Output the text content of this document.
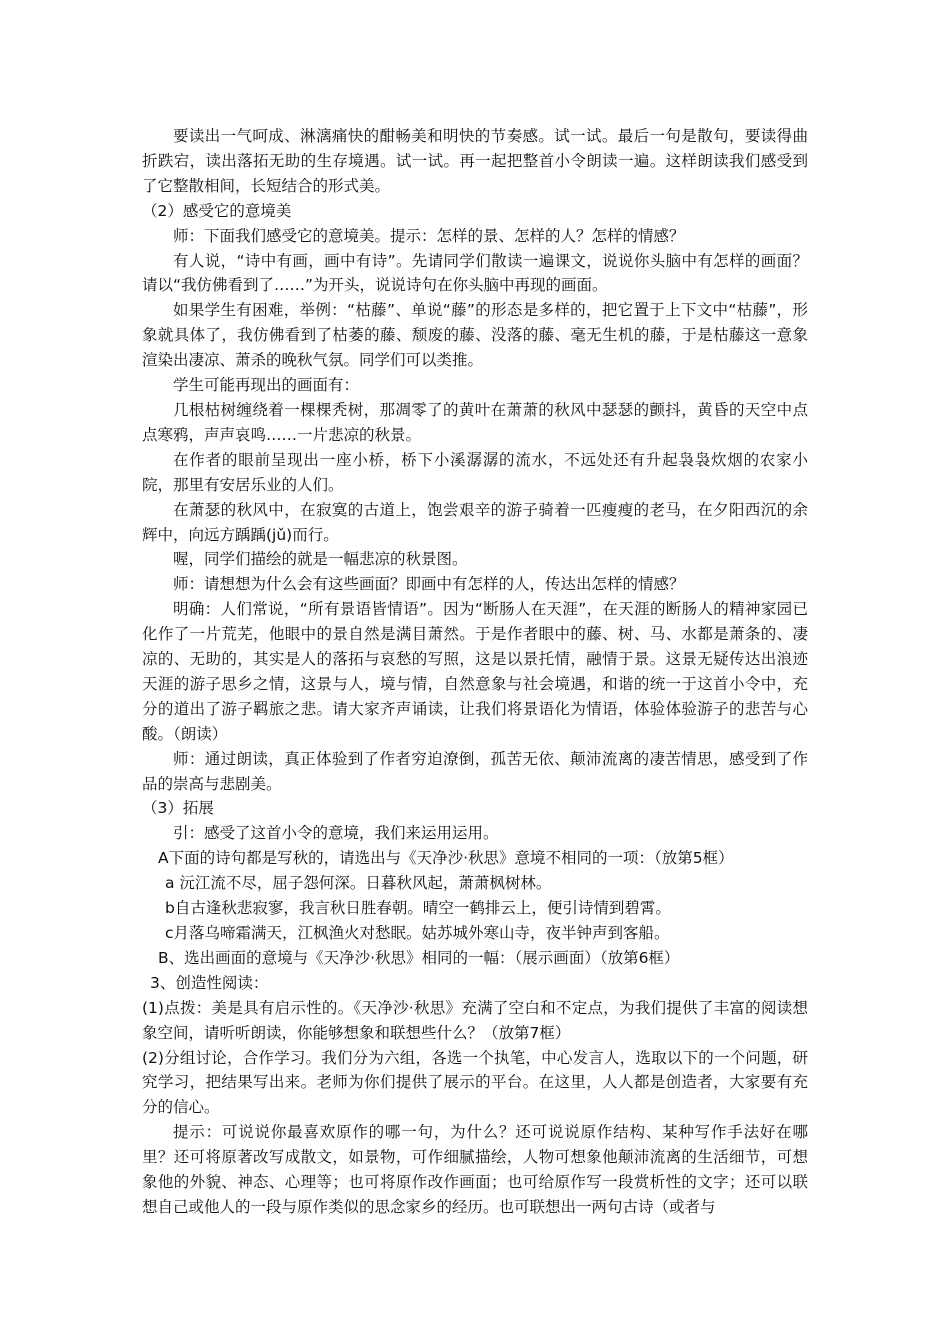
要读出一气呵成、淋漓痛快的酣畅美和明快的节奏感。试一试。最后一句是散句，要读得曲折跌宕，读出落拓无助的生存境遇。试一试。再一起把整首小令朗读一遍。这样朗读我们感受到了它整散相间，长短结合的形式美。

（2）感受它的意境美

师：下面我们感受它的意境美。提示：怎样的景、怎样的人？怎样的情感？

有人说，“诗中有画，画中有诗”。先请同学们散读一遍课文，说说你头脑中有怎样的画面？请以“我仿佛看到了……”为开头，说说诗句在你头脑中再现的画面。

如果学生有困难，举例：“枯藤”、单说“藤”的形态是多样的，把它置于上下文中“枯藤”，形象就具体了，我仿佛看到了枯萎的藤、颓废的藤、没落的藤、毫无生机的藤，于是枯藤这一意象渲染出凄凉、萧杀的晚秋气氛。同学们可以类推。

学生可能再现出的画面有：

几根枯树缠绕着一棵棵秃树，那凋零了的黄叶在萧萧的秋风中瑟瑟的颤抖，黄昏的天空中点点寒鸦，声声哀鸣……一片悲凉的秋景。

在作者的眼前呈现出一座小桥，桥下小溪潺潺的流水，不远处还有升起袅袅炊烟的农家小院，那里有安居乐业的人们。

在萧瑟的秋风中，在寂寞的古道上，饱尝艰辛的游子骑着一匹瘦瘦的老马，在夕阳西沉的余辉中，向远方踽踽(jǔ)而行。

喔，同学们描绘的就是一幅悲凉的秋景图。

师：请想想为什么会有这些画面？即画中有怎样的人，传达出怎样的情感？

明确：人们常说，“所有景语皆情语”。因为“断肠人在天涯”，在天涯的断肠人的精神家园已化作了一片荒芜，他眼中的景自然是满目萧然。于是作者眼中的藤、树、马、水都是萧条的、凄凉的、无助的，其实是人的落拓与哀愁的写照，这是以景托情，融情于景。这景无疑传达出浪迹天涯的游子思乡之情，这景与人，境与情，自然意象与社会境遇，和谐的统一于这首小令中，充分的道出了游子羁旅之悲。请大家齐声诵读，让我们将景语化为情语，体验体验游子的悲苦与心酸。（朗读）

师：通过朗读，真正体验到了作者穷迫潦倒，孤苦无依、颠沛流离的凄苦情思，感受到了作品的崇高与悲剧美。

（3）拓展

引：感受了这首小令的意境，我们来运用运用。

A下面的诗句都是写秋的，请选出与《天净沙·秋思》意境不相同的一项：（放第5框）

a 沅江流不尽，屈子怨何深。日暮秋风起，萧萧枫树林。

b自古逢秋悲寂寥，我言秋日胜春朝。晴空一鹤排云上，便引诗情到碧霄。

c月落乌啼霜满天，江枫渔火对愁眠。姑苏城外寒山寺，夜半钟声到客船。

B、选出画面的意境与《天净沙·秋思》相同的一幅：（展示画面）（放第6框）

3、创造性阅读：

(1)点拨：美是具有启示性的。《天净沙·秋思》充满了空白和不定点，为我们提供了丰富的阅读想象空间，请听听朗读，你能够想象和联想些什么？（放第7框）

(2)分组讨论，合作学习。我们分为六组，各选一个执笔，中心发言人，选取以下的一个问题，研究学习，把结果写出来。老师为你们提供了展示的平台。在这里，人人都是创造者，大家要有充分的信心。

提示：可说说你最喜欢原作的哪一句，为什么？还可说说原作结构、某种写作手法好在哪里？还可将原著改写成散文，如景物，可作细腻描绘，人物可想象他颠沛流离的生活细节，可想象他的外貌、神态、心理等；也可将原作改作画面；也可给原作写一段赏析性的文字；还可以联想自己或他人的一段与原作类似的思念家乡的经历。也可联想出一两句古诗（或者与
